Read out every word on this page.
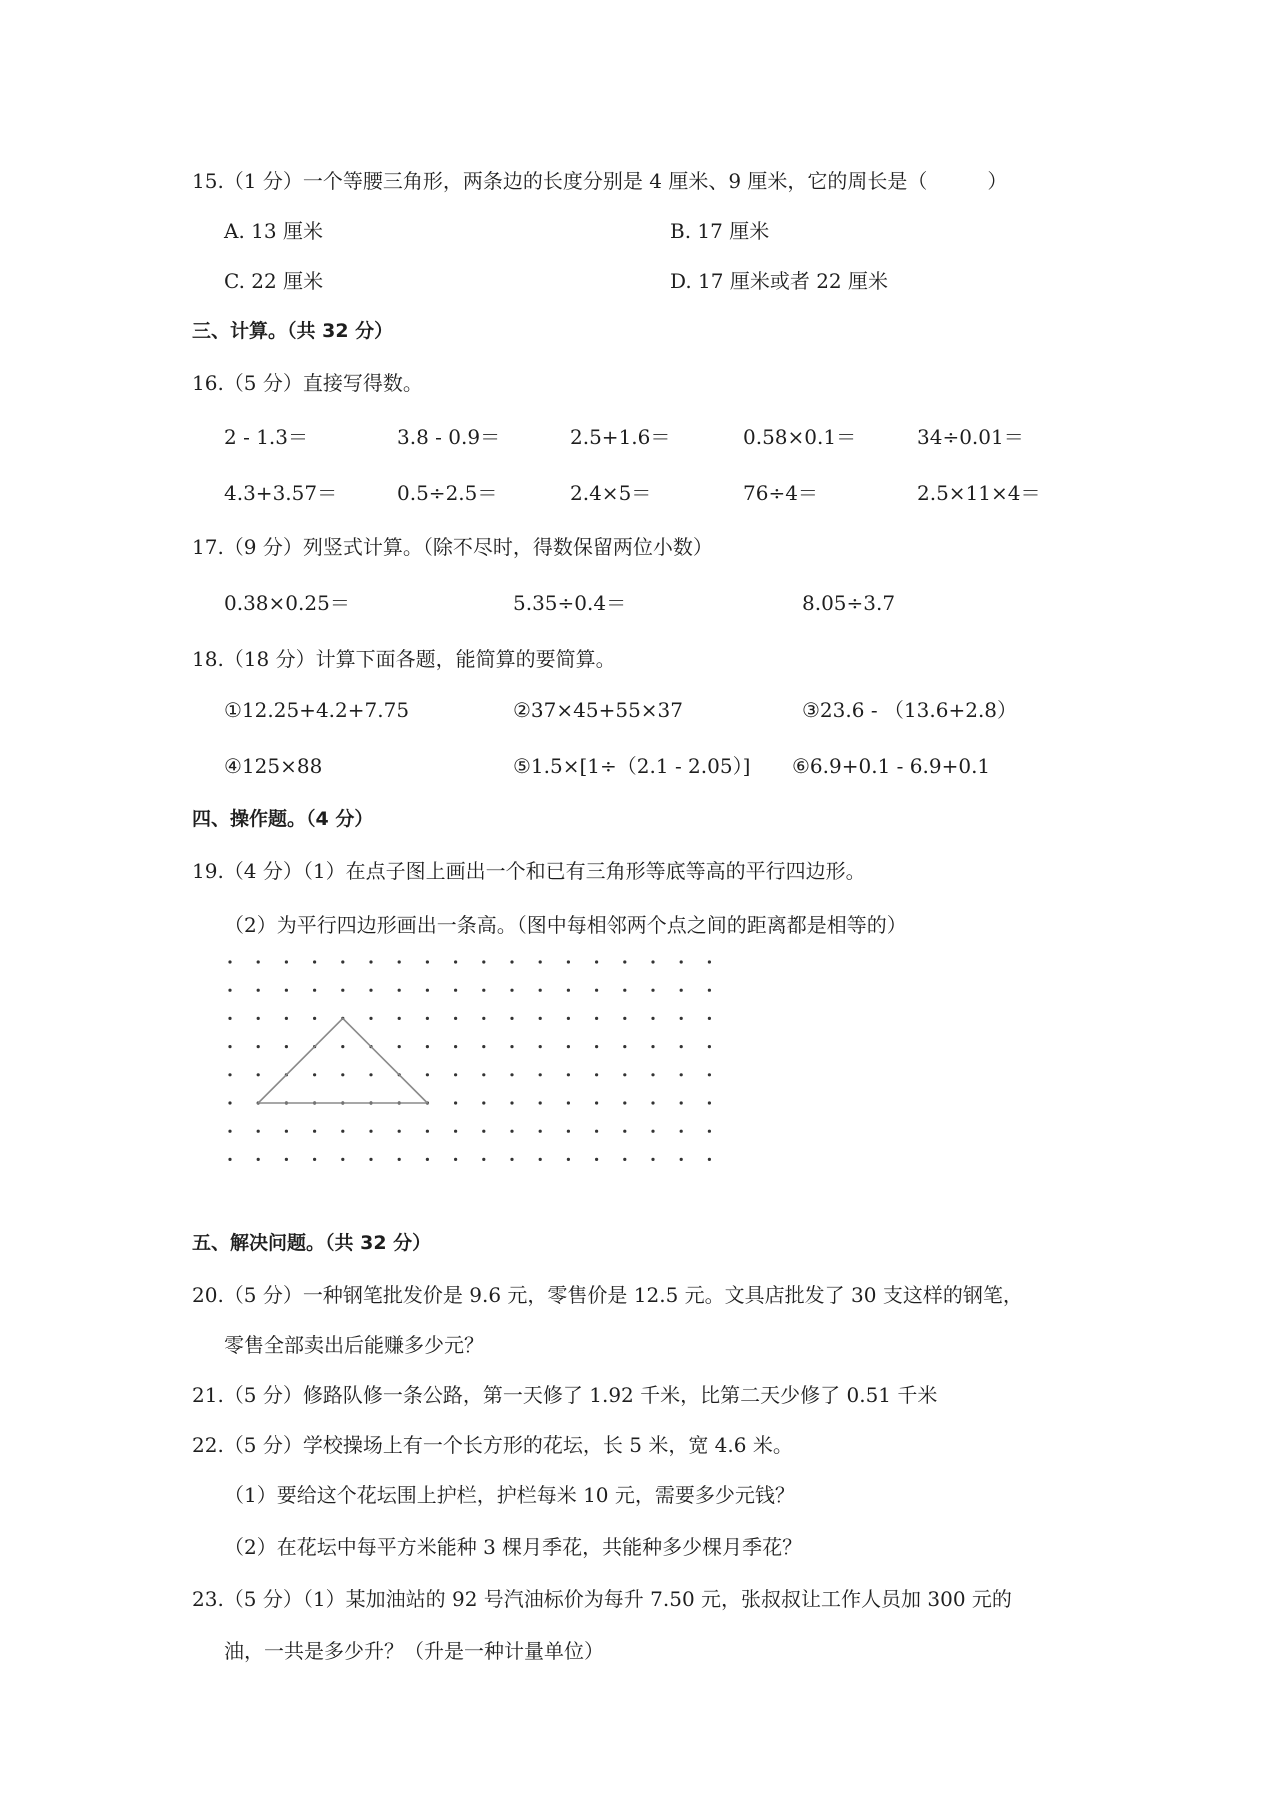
15.（1 分）一个等腰三角形，两条边的长度分别是 4 厘米、9 厘米，它的周长是（	）
A. 13 厘米	B. 17 厘米
C. 22 厘米	D. 17 厘米或者 22 厘米
三、计算。（共 32 分）
16.（5 分）直接写得数。
2 - 1.3＝	3.8 - 0.9＝	2.5+1.6＝	0.58×0.1＝	34÷0.01＝
4.3+3.57＝	0.5÷2.5＝	2.4×5＝	76÷4＝	2.5×11×4＝
17.（9 分）列竖式计算。（除不尽时，得数保留两位小数）
0.38×0.25＝	5.35÷0.4＝	8.05÷3.7
18.（18 分）计算下面各题，能简算的要简算。
①12.25+4.2+7.75	②37×45+55×37	③23.6 - （13.6+2.8）
④125×88	⑤1.5×[1÷（2.1 - 2.05）] ⑥6.9+0.1 - 6.9+0.1
四、操作题。（4 分）
19.（4 分）（1）在点子图上画出一个和已有三角形等底等高的平行四边形。
（2）为平行四边形画出一条高。（图中每相邻两个点之间的距离都是相等的）
五、解决问题。（共 32 分）
20.（5 分）一种钢笔批发价是 9.6 元，零售价是 12.5 元。文具店批发了 30 支这样的钢笔，
零售全部卖出后能赚多少元？
21.（5 分）修路队修一条公路，第一天修了 1.92 千米，比第二天少修了 0.51 千米
22.（5 分）学校操场上有一个长方形的花坛，长 5 米，宽 4.6 米。
（1）要给这个花坛围上护栏，护栏每米 10 元，需要多少元钱？
（2）在花坛中每平方米能种 3 棵月季花，共能种多少棵月季花？
23.（5 分）（1）某加油站的 92 号汽油标价为每升 7.50 元，张叔叔让工作人员加 300 元的
油，一共是多少升？（升是一种计量单位）
